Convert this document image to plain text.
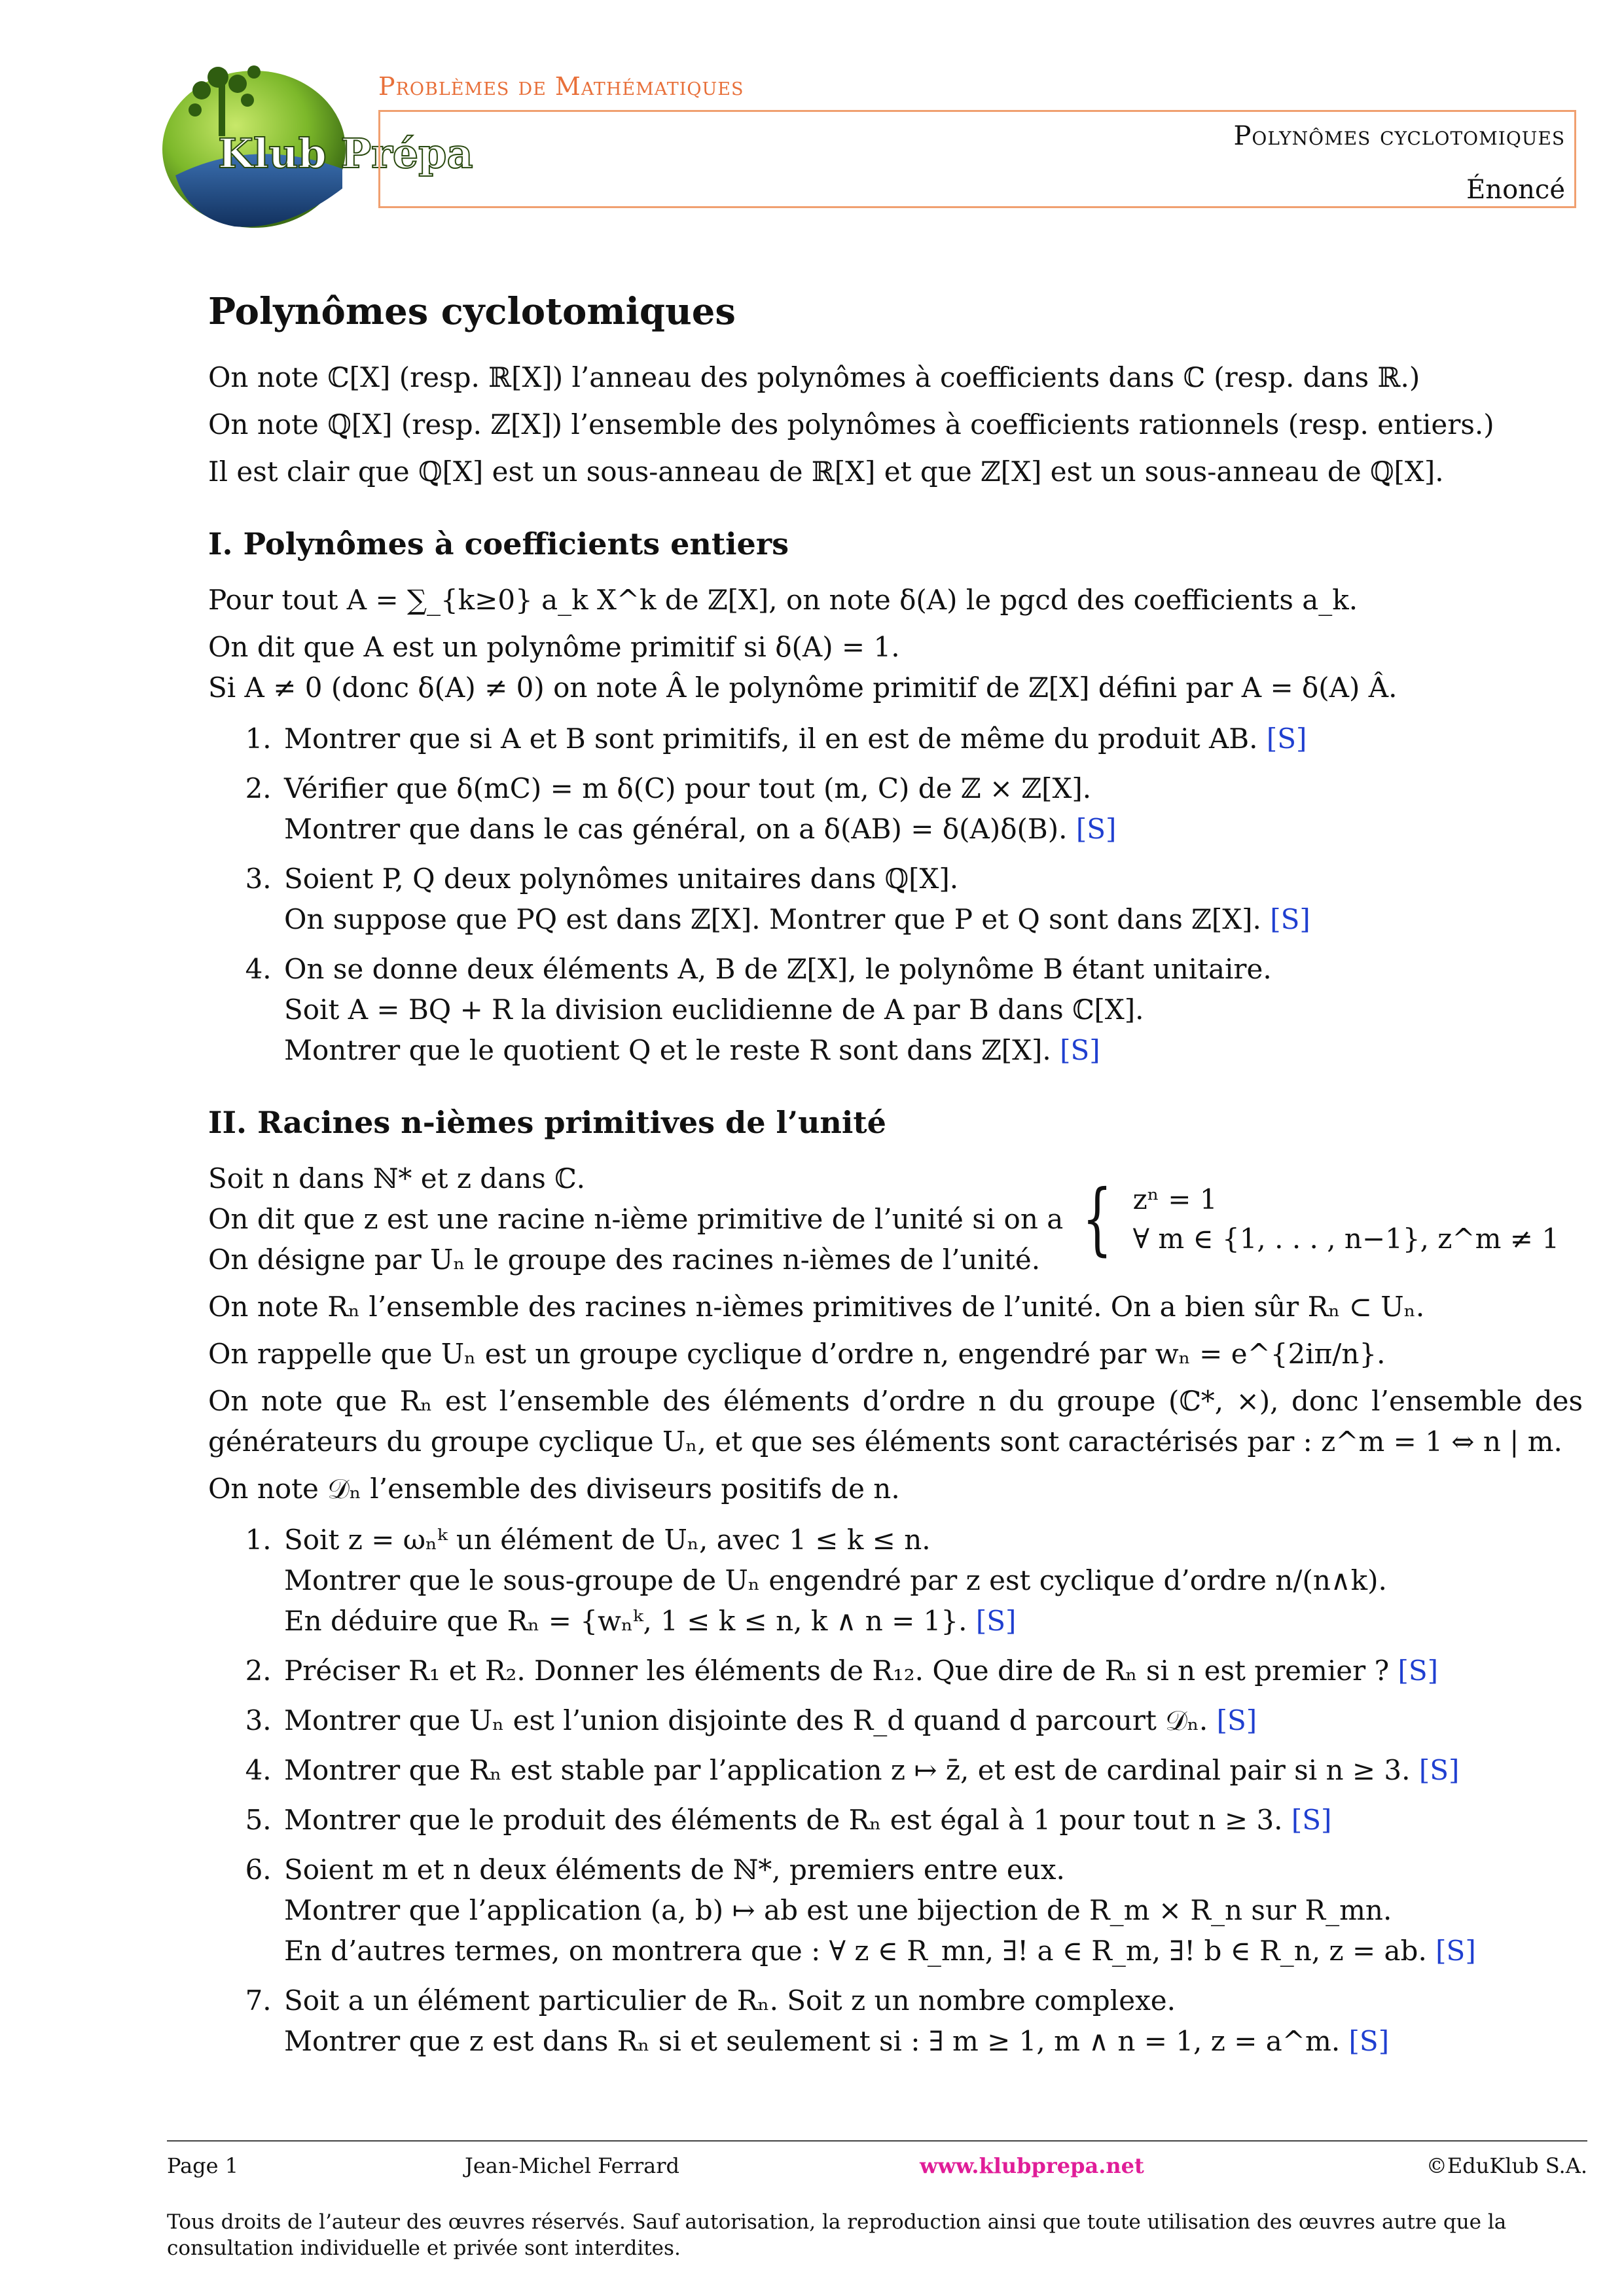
Klub Prépa
Problèmes de Mathématiques
Polynômes cyclotomiques
Énoncé
Polynômes cyclotomiques

On note ℂ[X] (resp. ℝ[X]) l’anneau des polynômes à coefficients dans ℂ (resp. dans ℝ.)

On note ℚ[X] (resp. ℤ[X]) l’ensemble des polynômes à coefficients rationnels (resp. entiers.)

Il est clair que ℚ[X] est un sous-anneau de ℝ[X] et que ℤ[X] est un sous-anneau de ℚ[X].

I. Polynômes à coefficients entiers

Pour tout A = ∑_{k≥0} a_k X^k de ℤ[X], on note δ(A) le pgcd des coefficients a_k.

On dit que A est un polynôme primitif si δ(A) = 1.

Si A ≠ 0 (donc δ(A) ≠ 0) on note Â le polynôme primitif de ℤ[X] défini par A = δ(A) Â.

1. Montrer que si A et B sont primitifs, il en est de même du produit AB. [S]
2. Vérifier que δ(mC) = m δ(C) pour tout (m, C) de ℤ × ℤ[X].
Montrer que dans le cas général, on a δ(AB) = δ(A)δ(B). [S]
3. Soient P, Q deux polynômes unitaires dans ℚ[X].
On suppose que PQ est dans ℤ[X]. Montrer que P et Q sont dans ℤ[X]. [S]
4. On se donne deux éléments A, B de ℤ[X], le polynôme B étant unitaire.
Soit A = BQ + R la division euclidienne de A par B dans ℂ[X].
Montrer que le quotient Q et le reste R sont dans ℤ[X]. [S]
II. Racines n-ièmes primitives de l’unité

Soit n dans ℕ* et z dans ℂ.

On dit que z est une racine n-ième primitive de l’unité si on a

On désigne par Uₙ le groupe des racines n-ièmes de l’unité. { zⁿ = 1
∀ m ∈ {1, . . . , n−1}, z^m ≠ 1

On note Rₙ l’ensemble des racines n-ièmes primitives de l’unité. On a bien sûr Rₙ ⊂ Uₙ.

On rappelle que Uₙ est un groupe cyclique d’ordre n, engendré par wₙ = e^{2iπ/n}.

On note que Rₙ est l’ensemble des éléments d’ordre n du groupe (ℂ*, ×), donc l’ensemble des générateurs du groupe cyclique Uₙ, et que ses éléments sont caractérisés par : z^m = 1 ⇔ n | m.

On note 𝒟ₙ l’ensemble des diviseurs positifs de n.

1. Soit z = ωₙᵏ un élément de Uₙ, avec 1 ≤ k ≤ n.
Montrer que le sous-groupe de Uₙ engendré par z est cyclique d’ordre n/(n∧k).
En déduire que Rₙ = {wₙᵏ, 1 ≤ k ≤ n, k ∧ n = 1}. [S]
2. Préciser R₁ et R₂. Donner les éléments de R₁₂. Que dire de Rₙ si n est premier ? [S]
3. Montrer que Uₙ est l’union disjointe des R_d quand d parcourt 𝒟ₙ. [S]
4. Montrer que Rₙ est stable par l’application z ↦ z̄, et est de cardinal pair si n ≥ 3. [S]
5. Montrer que le produit des éléments de Rₙ est égal à 1 pour tout n ≥ 3. [S]
6. Soient m et n deux éléments de ℕ*, premiers entre eux.
Montrer que l’application (a, b) ↦ ab est une bijection de R_m × R_n sur R_mn.
En d’autres termes, on montrera que : ∀ z ∈ R_mn, ∃! a ∈ R_m, ∃! b ∈ R_n, z = ab. [S]
7. Soit a un élément particulier de Rₙ. Soit z un nombre complexe.
Montrer que z est dans Rₙ si et seulement si : ∃ m ≥ 1, m ∧ n = 1, z = a^m. [S]
Page 1	Jean-Michel Ferrard	www.klubprepa.net	©EduKlub S.A.
Tous droits de l’auteur des œuvres réservés. Sauf autorisation, la reproduction ainsi que toute utilisation des œuvres autre que la consultation individuelle et privée sont interdites.
